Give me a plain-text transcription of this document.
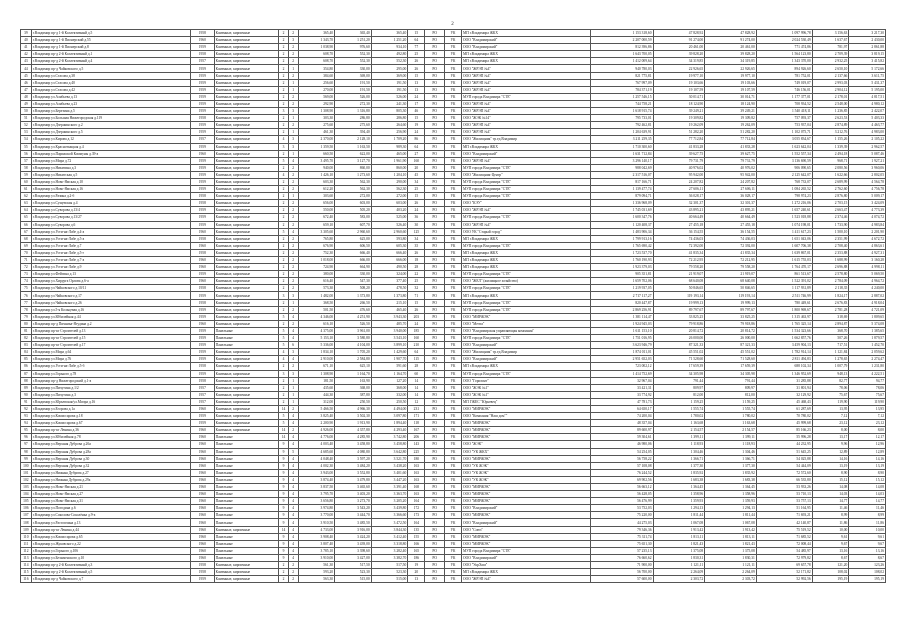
2
39	г.Владимир пр-д 1-й Коллективный д.5	1958	Каменные, кирпичные	2	2	365,40	365,40	365,40	15	РО	УК	МП г.Владимира ЖКХ	1 153 318,60	47 828,92	47 828,92	1 097 996,78	3 156,63	3 217,30
40	г.Владимир пр-д 1-й Пионерский д.55	1960	Каменные, кирпичные	2	3	1 343,70	1 251,20	1 251,20	64	РО	УК	ООО "Владимирский"	2 207 000,59	91 274,00	91 274,00	2 024 530,49	1 637,67	2 430,00
41	г.Владимир пр-д 1-й Пионерский д.8	1959	Каменные, кирпичные	2	2	1 038,90	976,60	934,10	77	РО	УК	ООО "Владимирский"	812 396,86	20 461,00	20 461,00	771 474,86	781,97	2 861,88
42	г.Владимир пр-д 2-й Коллективный д.1	1958	Каменные, кирпичные	2	2	608,70	552,30	492,80	25	РО	УК	МП г.Владимира ЖКХ	1 643 700,05	39 828,20	39 828,20	1 564 123,80	2 709,39	3 819,15
43	г.Владимир пр-д 2-й Коллективный д.4	1957	Каменные, кирпичные	2	2	608,70	552,30	552,30	26	РО	УК	МП г.Владимира ЖКХ	1 412 009,64	34 319,85	34 319,85	1 343 370,00	2 932,25	3 415,82
44	г.Владимир пр-д Чайковского д.5	1959	Каменные, кирпичные	2	1	354,80	330,00	295,00	26	РО	УК	ООО "ЖРЭП №4"	940 780,03	22 926,65	22 926,65	894 926,60	2 650,10	5 172,66
45	г.Владимир ул.Стасова д.38	1959	Каменные, кирпичные	2	2	384,60	369,00	369,00	15	РО	УК	ООО "ЖРЭП №4"	821 775,81	19 977,10	19 977,10	781 752,01	2 137,66	3 611,75
46	г.Владимир ул.Стасова д.40	1959	Каменные, кирпичные	2	1	256,60	191,50	191,50	13	РО	УК	ООО "ЖРЭП №4"	767 997,09	19 103,66	19 103,66	749 019,07	2 993,03	5 431,37
47	г.Владимир ул.Стасова д.42	1959	Каменные, кирпичные	2	1	270,00	191,50	191,50	13	РО	УК	ООО "ЖРЭП №4"	784 371,19	19 107,59	19 107,59	746 156,01	2 904,12	5 195,00
48	г.Владимир ул.Алябьева д.13	1959	Каменные, кирпичные	2	2	569,00	526,00	526,00	24	РО	УК	МУП города Владимира "СТЕ"	1 257 546,15	30 014,71	30 014,71	1 177 377,01	2 178,01	4 817,51
49	г.Владимир ул.Алябьева д.23	1959	Каменные, кирпичные	2	2	292,90	272,30	241,30	17	РО	УК	ООО "ЖРЭП №4"	744 758,21	18 124,90	18 124,90	708 934,52	2 548,00	4 980,12
50	г.Владимир ул.Березина д.5	1959	Каменные, кирпичные	3	3	1 308,90	1 316,80	805,30	46	РО	УК	ООО "ЖРЭП №4"	1 618 915,74	39 249,21	39 249,21	1 540 418,11	1 236,85	2 422,07
51	г.Владимир ул.Большая Нижегородская д.119	1958	Каменные, кирпичные	2	1	303,30	286,80	286,80	15	РО	УК	ООО "ЖЭК №14"	795 733,01	19 309,82	19 309,82	757 093,37	2 623,53	5 403,33
52	г.Владимир ул.Дзержинского д.2	1959	Каменные, кирпичные	2	2	275,60	275,60	264,60	19	РО	УК	ООО "ЖРЭП №4"	792 462,81	19 262,09	19 262,09	753 937,04	2 874,89	4 463,77
53	г.Владимир ул.Дзержинского д.5	1959	Каменные, кирпичные	2	1	461,30	394,40	256,90	24	РО	УК	ООО "ЖРЭП №4"	1 204 639,91	51 282,20	51 282,20	1 102 075,71	3 212,76	4 983,00
54	г.Владимир ул.Кирова д.12	1957	Каменные, кирпичные	4	3	2 370,00	2 128,10	1 709,20	86	РО	УК	ООО "Жилищник" тр.ед.Владимир	3 211 259,35	77 712,84	77 712,84	3 055 834,67	1 155,26	2 105,22
55	г.Владимир ул.Красноткацкая д.4	1959	Каменные, кирпичные	3	3	1 359,50	1 163,50	989,30	64	РО	УК	МП г.Владимира ЖКХ	1 710 300,60	41 833,28	41 833,28	1 623 642,04	1 339,39	2 962,57
56	г.Владимир ул.Парижской Коммуны д.39-а	1960	Каменные, кирпичные	2	1	660,50	622,00	465,00	27	РО	УК	ООО "Владимирский"	1 631 712,84	39 627,75	39 627,75	1 552 557,34	2 494,18	5 087,46
57	г.Владимир ул.Мира д.72	1959	Каменные, кирпичные	5	4	3 495,70	3 127,70	1 961,90	160	РО	УК	ООО "ЖРЭП №4"	3 296 140,17	79 731,79	79 731,79	3 136 690,59	968,71	1 927,21
58	г.Владимир ул.Никитина д.3	1959	Каменные, кирпичные	2	2	940,00	860,00	860,00	20	РО	УК	МУП города Владимира "СТЕ"	988 042,69	40 976,02	40 976,02	906 090,65	2 080,56	3 960,06
59	г.Владимир ул.Никитская д.5	1959	Каменные, кирпичные	4	2	1 426,10	1 273,60	1 204,10	45	РО	УК	ООО "Жилищник-Центр"	2 317 516,07	95 942,00	95 942,00	2 125 642,07	1 622,66	2 802,05
60	г.Владимир ул.Ново-Ямская д.10	1959	Каменные, кирпичные	2	2	603,30	562,30	290,00	34	РО	УК	МУП города Владимира "СТЕ"	817 166,71	24 207,82	24 207,82	768 733,07	2 689,99	4 564,78
61	г.Владимир ул.Ново-Ямская д.16	1959	Каменные, кирпичные	2	2	612,20	562,30	562,30	25	РО	УК	МУП города Владимира "СТЕ"	1 139 477,74	27 606,11	27 606,11	1 084 265,52	2 762,60	4 756,78
62	г.Владимир ул.Разина д.2-б	1958	Каменные, кирпичные	2	1	303,60	272,00	272,00	15	РО	УК	МУП города Владимира "СТЕ"	879 094,71	36 028,17	36 028,17	798 974,23	2 876,80	5 009,17
63	г.Владимир ул.Сущевская д.4	1958	Каменные, кирпичные	2	2	656,00	603,00	603,00	26	РО	УК	ООО "КЭУ"	1 336 968,09	32 301,37	32 301,37	1 272 216,06	2 703,15	3 424,09
64	г.Владимир ул.Суворова д.13/4	1959	Каменные, кирпичные	2	2	550,00	505,20	403,20	24	РО	УК	ООО "ЖРЭП №4"	1 745 031,69	43 895,21	43 895,21	1 657 240,61	2 663,47	4 773,39
65	г.Владимир ул.Суворова д.13/27	1959	Каменные, кирпичные	2	2	672,40	583,00	525,00	36	РО	УК	МУП города Владимира "СТЕ"	1 600 347,76	40 664,49	40 664,49	1 523 018,88	2 374,46	4 074,72
66	г.Владимир ул.Суворова д.6	1959	Каменные, кирпичные	2	2	659,10	607,70	526,40	30	РО	УК	ООО "ЖРЭП №4"	1 120 408,37	27 455,18	27 455,18	1 074 198,01	1 733,90	4 983,84
67	г.Владимир ул.Усти-на-Лабе д.4-а	1960	Каменные, кирпичные	5	4	3 305,60	2 960,60	2 960,60	125	РО	УК	ООО УК "Старый город"	1 483 906,34	36 154,55	36 154,55	1 411 617,23	1 500,10	2 201,90
68	г.Владимир ул.Усти-на-Лабе д.5-а	1958	Каменные, кирпичные	2	2	765,80	625,00	593,80	34	РО	УК	МП г.Владимира ЖКХ	1 799 913,16	74 436,03	74 436,03	1 651 043,06	2 351,99	4 672,72
69	г.Владимир ул.Усти-на-Лабе д.7	1960	Каменные, кирпичные	2	2	676,90	606,50	605,30	35	РО	УК	МУП города Владимира "СТЕ"	1 765 690,42	72 392,00	72 392,00	1 607 706,38	2 708,40	4 863,61
70	г.Владимир ул.Усти-на-Лабе д.5-г	1958	Каменные, кирпичные	2	2	752,30	666,40	666,40	26	РО	УК	МП г.Владимира ЖКХ	1 723 537,70	41 835,34	41 835,34	1 639 867,01	2 353,88	4 927,31
71	г.Владимир ул.Усти-на-Лабе д.7-а	1960	Каменные, кирпичные	2	2	1 018,00	666,00	666,00	18	РО	УК	МП г.Владимира ЖКХ	1 760 190,93	72 212,95	72 212,95	1 615 755,03	1 688,99	3 160,28
72	г.Владимир ул.Усти-на-Лабе д.9	1960	Каменные, кирпичные	2	2	724,90	664,90	490,50	28	РО	УК	МП г.Владимира ЖКХ	1 923 379,03	79 558,20	79 558,20	1 764 470,17	2 696,88	4 998,11
73	г.Владимир ул.Фейгина д.13	1959	Каменные, кирпичные	2	2	380,00	330,00	324,00	22	РО	УК	МУП города Владимира "СТЕ"	905 351,81	21 919,07	21 919,07	861 513,67	2 578,80	5 069,50
74	г.Владимир ул.Хирурга Орлова д.6-а	1960	Каменные, кирпичные	2	2	616,40	547,30	377,40	25	РО	УК	ООО "ЖЕЛ" (жилищное хозяйство)	1 659 702,06	68 640,08	68 640,08	1 522 391,02	2 784,09	4 964,72
75	г.Владимир ул.Чайковского д.10/11	1958	Каменные, кирпичные	2	2	573,30	508,20	478,50	32	РО	УК	МУП города Владимира "СТЕ"	1 219 937,05	50 846,65	50 846,65	1 117 931,89	2 118,35	4 240,00
76	г.Владимир ул.Чайковского д.17	1959	Каменные, кирпичные	3	3	1 482,00	1 373,80	1 373,80	71	РО	УК	МП г.Владимира ЖКХ	2 717 117,27	119 193,14	119 193,14	2 511 746,99	1 824,17	2 887,02
77	г.Владимир ул.Чайковского д.26	1958	Каменные, кирпичные	2	1	368,50	266,50	215,10	15	РО	УК	МУП города Владимира "СТЕ"	820 447,87	19 999,13	19 999,13	780 449,61	2 676,83	4 918,04
78	г.Владимир ул.5-я Кольцевая д.16	1959	Каменные, кирпичные	2	2	501,50	476,60	465,40	26	РО	УК	МУП города Владимира "СТЕ"	2 869 256,91	89 797,67	89 797,67	1 800 969,67	2 781,28	4 721,09
79	г.Владимир ул.Юбилейная д.44	1959	Каменные, кирпичные	5	4	4 346,00	4 251,90	3 943,30	203	РО	УК	ООО "МИРЖЭК"	1 381 114,47	33 825,25	33 825,25	1 315 463,97	318,69	1 809,65
80	г.Владимир пр-д Пичника-Ягудина д.2	1960	Каменные, кирпичные	2	2	616,10	526,50	485,70	24	РО	УК	ООО "Мечта"	1 924 945,03	79 918,86	79 918,86	1 765 325,14	2 894,87	5 374,08
81	г.Владимир пр-кт Строителей д.13	1959	Панельные	5	4	4 375,00	3 961,00	3 940,00	185	РО	УК	ООО "Владимирская управляющая компания"	1 611 153,10	20 814,72	20 814,72	1 534 323,66	368,70	1 385,65
82	г.Владимир пр-кт Строителей д.15	1959	Панельные	5	4	5 153,10	3 580,80	3 543,10	160	РО	УК	МУП города Владимира "СТЕ"	1 751 016,95	26 000,00	26 000,00	1 662 857,76	507,26	1 879,57
83	г.Владимир пр-кт Строителей д.17	1959	Панельные	5	6	5 336,00	4 104,00	3 899,10	210	РО	УК	ООО "Владимирский"	3 623 946,79	87 321,33	87 321,33	3 459 904,13	717,51	1 452,70
84	г.Владимир ул.Мира д.64	1959	Каменные, кирпичные	4	3	1 834,10	1 705,20	1 429,60	64	РО	УК	ООО "Жилищник" тр.ед.Владимир	1 874 011,01	45 551,02	45 551,02	1 782 914,14	1 121,84	2 059,62
85	г.Владимир ул.Мира д.76	1959	Каменные, кирпичные	4	4	2 910,00	2 584,80	1 907,70	115	РО	УК	ООО "Владимирский"	2 951 652,03	71 528,60	71 528,60	2 811 494,83	1 278,65	2 274,47
86	г.Владимир ул.Усти-на-Лабе д.5-б	1958	Каменные, кирпичные	2	2	671,10	625,10	591,60	28	РО	УК	МП г.Владимира ЖКХ	723 002,12	17 659,39	17 659,39	688 102,34	1 007,79	1 231,80
87	г.Владимир ул.Горького д.78	1959	Каменные, кирпичные	3	3	1 308,90	1 164,70	1 164,70	60	РО	УК	МУП города Владимира "СТЕ"	1 414 752,69	34 305,98	34 305,98	1 346 952,69	948,13	4 222,51
88	г.Владимир пр-д Нижегородский д.1-а	1958	Каменные, кирпичные	2	1	181,50	163,90	127,20	14	РО	УК	ООО "Горизонт"	32 967,04	791,44	791,44	31 285,88	82,77	94,77
89	г.Владимир ул.Пичугина д.1/2	1957	Каменные, кирпичные	2	1	435,60	368,00	368,00	14	РО	УК	ООО "ЖЭК №1"	33 421,31	809,97	809,97	31 801,94	78,06	78,06
90	г.Владимир ул.Пичугина д.3	1957	Каменные, кирпичные	2	1	444,30	387,80	332,00	14	РО	УК	ООО "ЖЭК №1"	33 774,92	812,00	812,00	32 129,92	75,67	75,67
91	г.Владимир ул.Юрьевская/ул.Мопра д.16	1957	Каменные, кирпичные	2	1	312,00	250,50	250,50	12	РО	УК	МП ГЖЕС "Юрьевец"	47 781,73	1 159,25	1 159,25	45 468,43	119,90	119,90
92	г.Владимир ул.Егорова д.1а	1960	Каменные, кирпичные	14	2	5 466,50	4 966,30	4 494,00	231	РО	УК	ООО "МИРЖЭК"	64 650,17	1 555,74	1 555,74	61 287,69	13,95	13,95
93	г.Владимир ул.Комиссарова д.18	1959	Каменные, кирпичные	5	4	3 825,40	3 502,30	3 097,80	171	РО	УК	ООО "Компания "Наш дом""	74 200,04	1 780,02	1 780,02	70 780,02	7,12	7,12
94	г.Владимир ул.Комиссарова д.67	1959	Каменные, кирпичные	5	4	2 200,90	1 913,90	1 894,40	118	РО	УК	ООО "МИРЖЭК"	48 357,04	1 163,68	1 163,68	45 999,68	23,12	23,12
95	г.Владимир пр-кт Ленина д.36	1960	Каменные, кирпичные	14	2	4 926,00	4 357,80	4 293,40	167	РО	УК	ООО "МИРЖЭК"	89 600,97	2 154,57	2 154,57	85 166,23	8,00	8,00
96	г.Владимир ул.Юбилейная д.78	1960	Панельные	14	4	4 776,00	4 285,90	3 742,80	206	РО	УК	ООО "МИРЖЭК"	59 304,61	1 399,11	1 399,11	55 996,28	13,17	12,17
97	г.Владимир ул.Верхняя Дуброва д.26а	1960	Панельные	9	4	4 003,40	3 458,80	3 458,80	143	РО	УК	ООО "ЖЭК"	46 980,06	1 118,93	1 118,93	44 232,95	9,96	12,96
98	г.Владимир ул.Верхняя Дуброва д.28а	1960	Панельные	9	5	4 685,60	4 080,80	3 642,80	225	РО	УК	ООО "УК ЖКХ"	54 254,05	1 304,46	1 304,46	51 645,25	12,89	12,89
99	г.Владимир ул.Верхняя Дуброва д.30	1960	Панельные	9	4	4 048,40	3 597,20	3 521,70	180	РО	УК	ООО "МИРЖЭК"	56 758,22	1 366,71	1 366,71	54 025,88	14,16	14,16
100	г.Владимир ул.Верхняя Дуброва д.32	1960	Панельные	9	4	4 002,30	3 484,20	3 438,20	163	РО	УК	ООО "УК ЖЭК"	57 108,08	1 377,30	1 377,30	54 444,09	13,19	13,19
101	г.Владимир ул.Нижняя Дуброва д.27	1960	Панельные	9	4	3 943,00	3 552,80	3 401,60	163	РО	УК	ООО "УК ЖЭК"	76 244,52	1 835,92	1 835,92	72 572,60	8,90	8,90
102	г.Владимир ул.Нижняя Дуброва д.29а	1960	Панельные	9	4	3 874,40	3 479,80	3 447,20	163	РО	УК	ООО "УК ЖЭК"	69 902,56	1 683,38	1 683,38	66 535,80	15,12	15,12
103	г.Владимир ул.Ново-Ямская д.21	1960	Панельные	9	4	3 837,50	3 465,60	3 391,40	168	РО	УК	ООО "МИРЖЭК"	56 663,12	1 364,45	1 364,45	53 933,26	14,08	14,08
104	г.Владимир ул.Ново-Ямская д.27	1960	Панельные	9	4	3 795,70	3 403,20	3 363,70	163	РО	УК	ООО "МИРЖЭК"	56 428,05	1 358,96	1 358,96	53 710,13	14,03	14,03
105	г.Владимир ул.Ново-Ямская д.31	1960	Панельные	9	4	3 656,80	3 273,70	3 205,20	164	РО	УК	ООО "МИРЖЭК"	56 476,99	1 359,93	1 359,93	53 757,13	14,77	14,77
106	г.Владимир ул.Погодина д.6	1960	Панельные	9	4	3 974,80	3 543,20	3 439,80	172	РО	УК	ООО "Владимирский"	53 752,03	1 294,13	1 294,13	51 164,95	11,46	11,46
107	г.Владимир ул.Соколова-Соколёнка д.9-а	1960	Панельные	9	4	3 770,00	3 444,70	3 366,60	173	РО	УК	ООО "МИРЖЭК"	75 220,00	1 811,44	1 811,44	71 693,21	8,99	8,99
108	г.Владимир ул.Растопчина д.13	1960	Панельные	9	4	3 910,50	3 485,50	3 472,50	164	РО	УК	ООО "Владимирский"	44 275,03	1 067,08	1 067,08	42 140,87	11,86	11,86
109	г.Владимир пр-кт Ленина д.44	1960	Каменные, кирпичные	14	4	4 733,00	3 916,00	3 844,30	135	РО	УК	ООО "Союз"	79 346,36	1 913,42	1 913,42	75 519,52	10,00	10,00
110	г.Владимир ул.Комиссарова д.65	1960	Панельные	9	4	3 908,40	3 424,20	3 412,40	155	РО	УК	ООО "МИРЖЭК"	75 311,74	1 813,11	1 813,11	71 685,52	9,61	9,61
111	г.Владимир ул.Жуковского д.22	1960	Панельные	9	4	3 807,40	3 439,00	3 318,80	166	РО	УК	ООО "МИРЖЭК"	75 651,30	1 821,43	1 821,43	72 008,44	9,67	9,67
112	г.Владимир ул.Горького д.106	1960	Панельные	9	4	3 785,10	3 398,60	3 282,40	165	РО	УК	МУП города Владимира "СТЕ"	57 235,13	1 375,08	1 375,08	54 485,97	13,16	13,16
113	г.Владимир ул.Безыменского д.10	1960	Панельные	9	4	3 910,00	3 427,00	3 382,70	186	РО	УК	ООО "Владимирский"	76 660,62	1 830,31	1 830,31	72 979,82	8,67	8,67
114	г.Владимир пр-д 2-й Коллективный д.3	1958	Каменные, кирпичные	2	2	561,30	517,50	517,50	19	РО	УК	ООО "УкрХим"	71 900,00	1 121,11	1 121,11	69 657,78	121,20	123,26
115	г.Владимир пр-д 2-й Коллективный д.5	1958	Каменные, кирпичные	2	2	593,20	523,30	523,30	20	РО	УК	МП г.Владимира ЖКХ	56 700,00	2 264,09	2 264,09	52 171,82	108,02	108,02
116	г.Владимир пр-д Чайковского д.7	1959	Каменные, кирпичные	2	2	563,30	515,00	515,00	13	РО	УК	ООО "ЖРЭП №4"	57 600,00	2 303,72	2 303,72	52 992,56	195,19	195,19
